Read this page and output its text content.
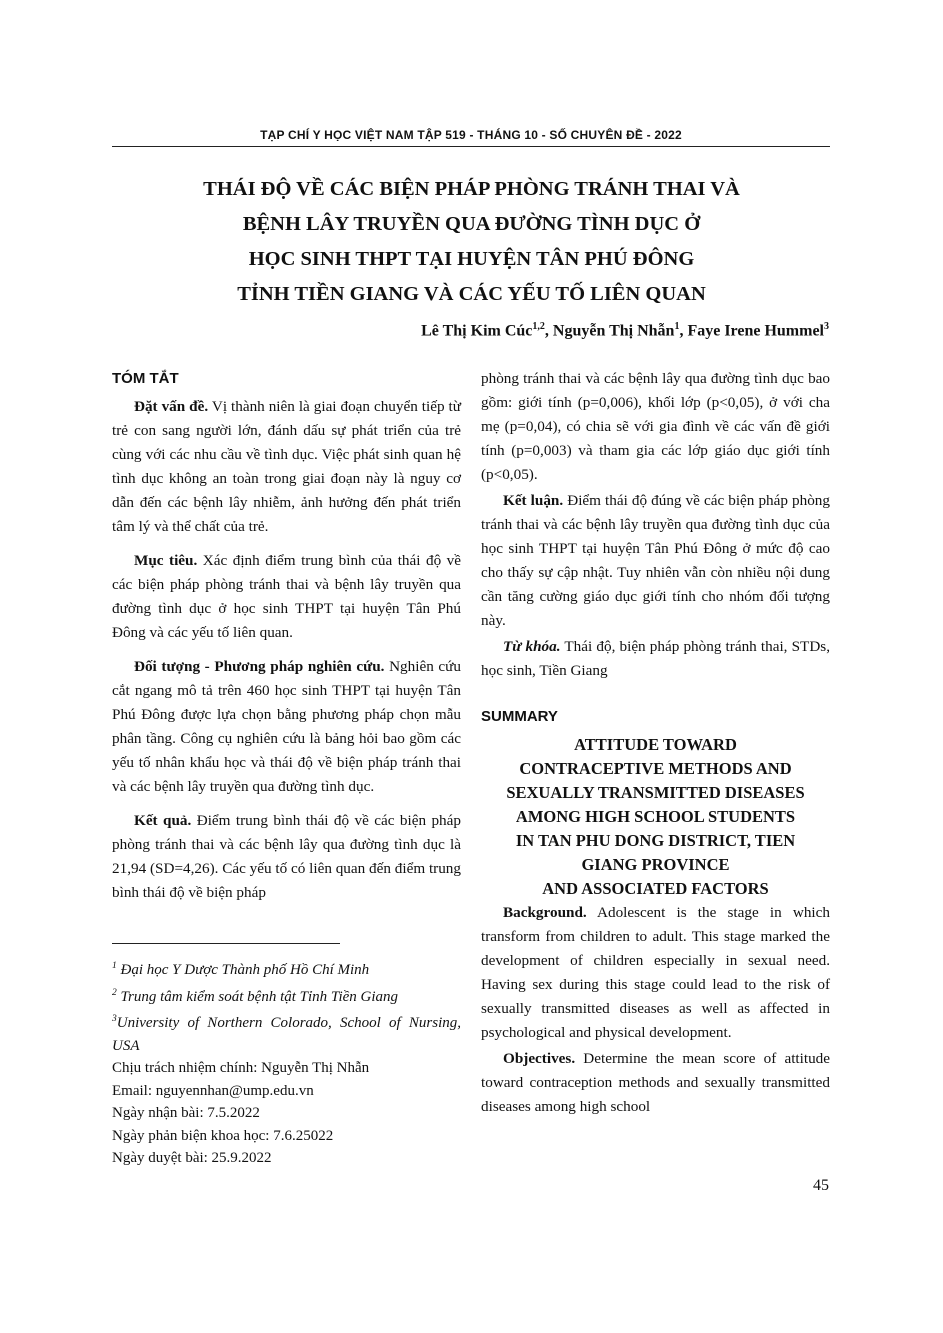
TẠP CHÍ Y HỌC VIỆT NAM TẬP 519 - THÁNG 10 - SỐ CHUYÊN ĐỀ - 2022
THÁI ĐỘ VỀ CÁC BIỆN PHÁP PHÒNG TRÁNH THAI VÀ
BỆNH LÂY TRUYỀN QUA ĐƯỜNG TÌNH DỤC Ở
HỌC SINH THPT TẠI HUYỆN TÂN PHÚ ĐÔNG
TỈNH TIỀN GIANG VÀ CÁC YẾU TỐ LIÊN QUAN
Lê Thị Kim Cúc$^{1,2}$, Nguyễn Thị Nhẫn$^1$, Faye Irene Hummel$^3$

TÓM TẮT

Đặt vấn đề. Vị thành niên là giai đoạn chuyển tiếp từ trẻ con sang người lớn, đánh dấu sự phát triển của trẻ cùng với các nhu cầu về tình dục. Việc phát sinh quan hệ tình dục không an toàn trong giai đoạn này là nguy cơ dẫn đến các bệnh lây nhiễm, ảnh hưởng đến phát triển tâm lý và thể chất của trẻ.

Mục tiêu. Xác định điểm trung bình của thái độ về các biện pháp phòng tránh thai và bệnh lây truyền qua đường tình dục ở học sinh THPT tại huyện Tân Phú Đông và các yếu tố liên quan.

Đối tượng - Phương pháp nghiên cứu. Nghiên cứu cắt ngang mô tả trên 460 học sinh THPT tại huyện Tân Phú Đông được lựa chọn bằng phương pháp chọn mẫu phân tầng. Công cụ nghiên cứu là bảng hỏi bao gồm các yếu tố nhân khẩu học và thái độ về biện pháp tránh thai và các bệnh lây truyền qua đường tình dục.

Kết quả. Điểm trung bình thái độ về các biện pháp phòng tránh thai và các bệnh lây qua đường tình dục là 21,94 (SD=4,26). Các yếu tố có liên quan đến điểm trung bình thái độ về biện pháp

$^1$ Đại học Y Dược Thành phố Hồ Chí Minh
$^2$ Trung tâm kiểm soát bệnh tật Tỉnh Tiền Giang
$^3$University of Northern Colorado, School of Nursing, USA
Chịu trách nhiệm chính: Nguyễn Thị Nhẫn
Email: nguyennhan@ump.edu.vn
Ngày nhận bài: 7.5.2022
Ngày phản biện khoa học: 7.6.25022
Ngày duyệt bài: 25.9.2022

phòng tránh thai và các bệnh lây qua đường tình dục bao gồm: giới tính (p=0,006), khối lớp (p<0,05), ở với cha mẹ (p=0,04), có chia sẽ với gia đình về các vấn đề giới tính (p=0,003) và tham gia các lớp giáo dục giới tính (p<0,05).

Kết luận. Điểm thái độ đúng về các biện pháp phòng tránh thai và các bệnh lây truyền qua đường tình dục của học sinh THPT tại huyện Tân Phú Đông ở mức độ cao cho thấy sự cập nhật. Tuy nhiên vẫn còn nhiều nội dung cần tăng cường giáo dục giới tính cho nhóm đối tượng này.

Từ khóa. Thái độ, biện pháp phòng tránh thai, STDs, học sinh, Tiền Giang

SUMMARY

ATTITUDE TOWARD
CONTRACEPTIVE METHODS AND
SEXUALLY TRANSMITTED DISEASES
AMONG HIGH SCHOOL STUDENTS
IN TAN PHU DONG DISTRICT, TIEN
GIANG PROVINCE
AND ASSOCIATED FACTORS

Background. Adolescent is the stage in which transform from children to adult. This stage marked the development of children especially in sexual need. Having sex during this stage could lead to the risk of sexually transmitted diseases as well as affected in psychological and physical development.

Objectives. Determine the mean score of attitude toward contraception methods and sexually transmitted diseases among high school

45
